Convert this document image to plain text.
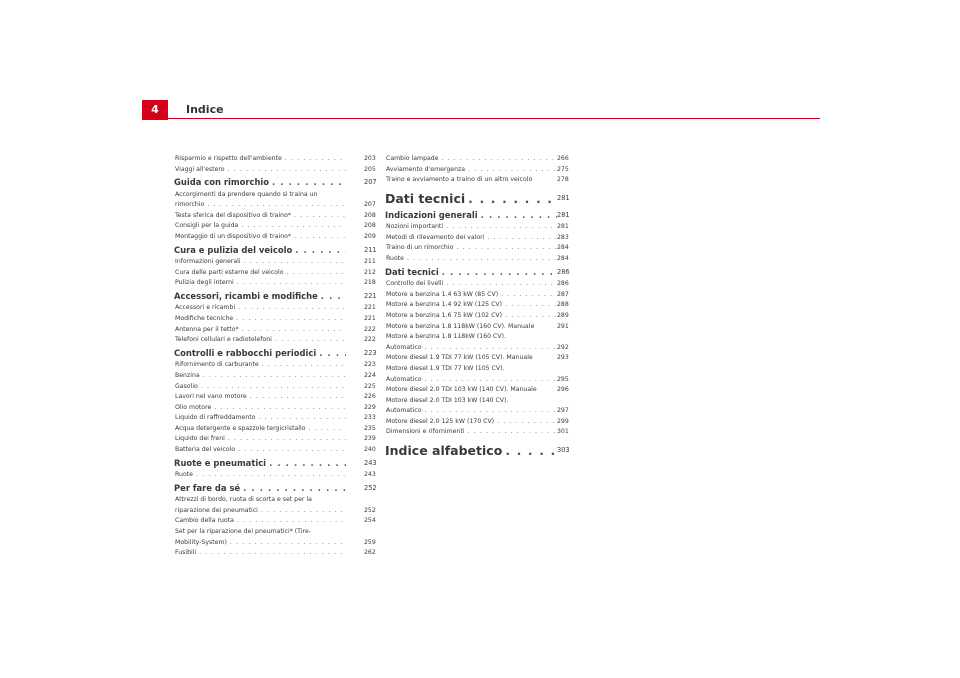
4	Indice
Risparmio e rispetto dell'ambiente
. . .
Viaggi all'estero
. . .
Guida con rimorchio
. . .
Accorgimenti da prendere quando si traina un
rimorchio
. . .
Testa sferica del dispositivo di traino*
. . .
Consigli per la guida
. . .
Montaggio di un dispositivo di traino*
. . .
Cura e pulizia del veicolo
. . .
Informazioni generali
. . .
Cura delle parti esterne del veicolo
. . .
Pulizia degli interni
. . .
Accessori, ricambi e modifiche
. . .
Accessori e ricambi
. . .
Modifiche tecniche
. . .
Antenna per il tetto*
. . .
Telefoni cellulari e radiotelefoni
. . .
Controlli e rabbocchi periodici
. . .
Rifornimento di carburante
. . .
Benzina
. . .
Gasolio
. . .
Lavori nel vano motore
. . .
Olio motore
. . .
Liquido di raffreddamento
. . .
Acqua detergente e spazzole tergicristallo
. . .
Liquido dei freni
. . .
Batteria del veicolo
. . .
Ruote e pneumatici
. . .
Ruote
. . .
Per fare da sé
. . .
Attrezzi di bordo, ruota di scorta e set per la
riparazione dei pneumatici
. . .
Cambio della ruota
. . .
Set per la riparazione dei pneumatici* (Tire-
Mobility-System)
. . .
Fusibili
. . .
203
205
207

207
208
208
209
211
211
212
218
221
221
221
222
222
223
223
224
225
226
229
233
235
239
240
243
243
252

252
254

259
262
Cambio lampade
. . .
Avviamento d'emergenza
. . .
Traino e avviamento a traino di un altro veicolo
Dati tecnici
. . .
Indicazioni generali
. . .
Nozioni importanti
. . .
Metodi di rilevamento dei valori
. . .
Traino di un rimorchio
. . .
Ruote
. . .
Dati tecnici
. . .
Controllo dei livelli
. . .
Motore a benzina 1.4 63 kW (85 CV)
. . .
Motore a benzina 1.4 92 kW (125 CV)
. . .
Motore a benzina 1.6 75 kW (102 CV)
. . .
Motore a benzina 1.8 118kW (160 CV). Manuale
Motore a benzina 1.8 118kW (160 CV).
Automatico
. . .
Motore diesel 1.9 TDI 77 kW (105 CV). Manuale
Motore diesel 1.9 TDI 77 kW (105 CV).
Automatico
. . .
Motore diesel 2.0 TDI 103 kW (140 CV). Manuale
Motore diesel 2.0 TDI 103 kW (140 CV).
Automatico
. . .
Motore diesel 2.0 125 kW (170 CV)
. . .
Dimensioni e rifornimenti
. . .
Indice alfabetico
. . .
266
275
278
281
281
281
283
284
284
286
286
287
288
289
291

292
293

295
296

297
299
301
303
